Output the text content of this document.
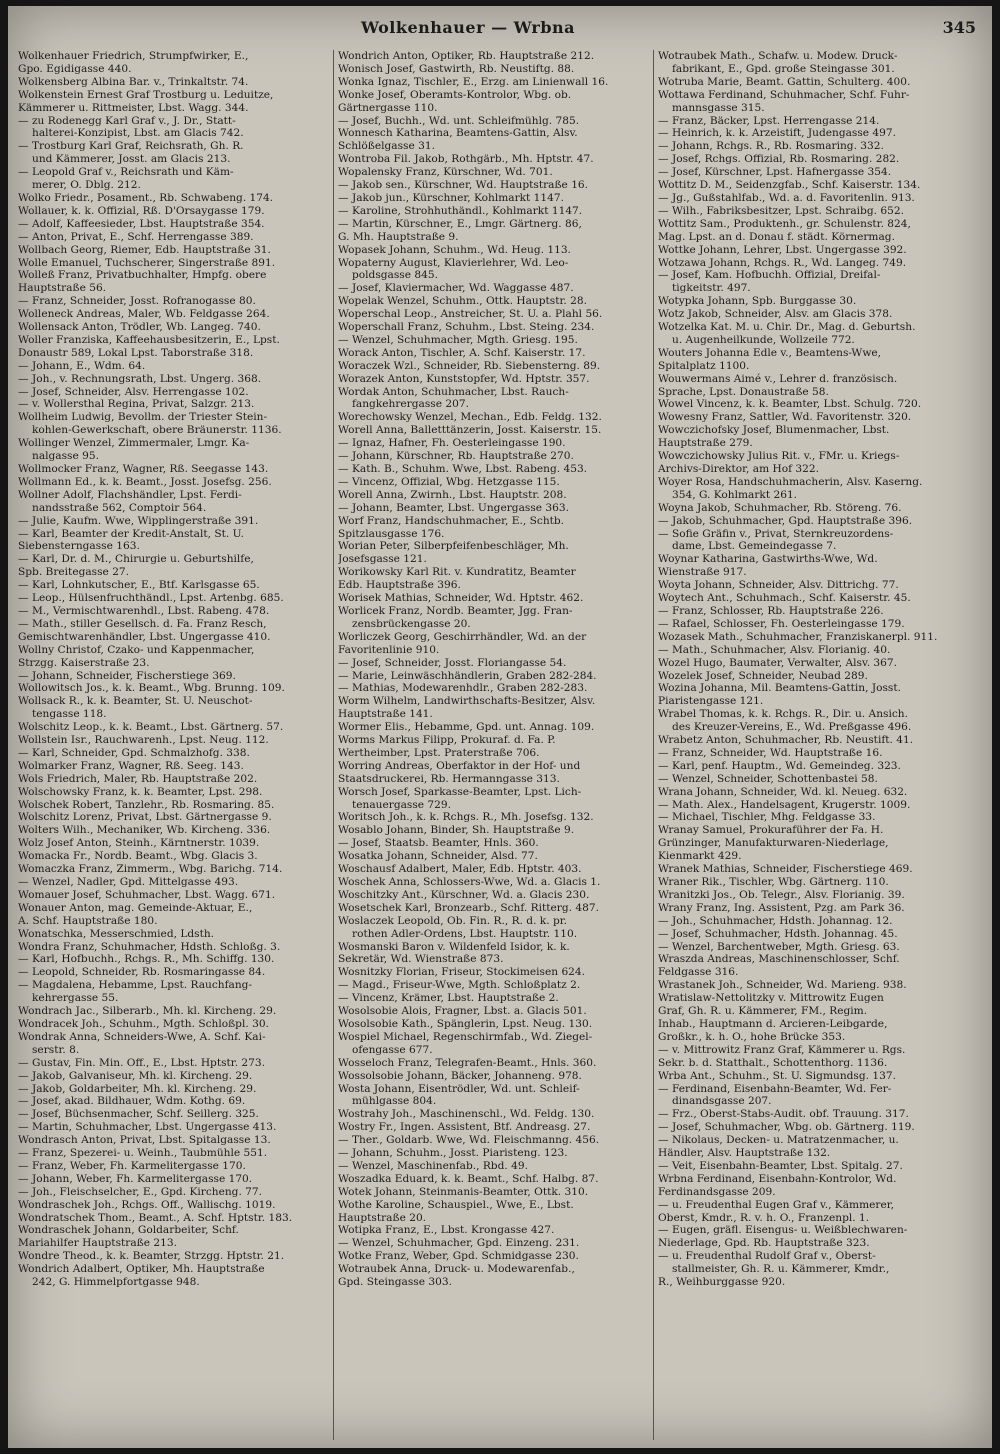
Wolkenhauer — Wrbna	345
Wolkenhauer Friedrich, Strumpfwirker, E.,
Gpo. Egidigasse 440.
Wolkensberg Albina Bar. v., Trinkaltstr. 74.
Wolkenstein Ernest Graf Trostburg u. Leduitze,
Kämmerer u. Rittmeister, Lbst. Wagg. 344.
— zu Rodenegg Karl Graf v., J. Dr., Statt-
halterei-Konzipist, Lbst. am Glacis 742.
— Trostburg Karl Graf, Reichsrath, Gh. R.
und Kämmerer, Josst. am Glacis 213.
— Leopold Graf v., Reichsrath und Käm-
merer, O. Dblg. 212.
Wolko Friedr., Posament., Rb. Schwabeng. 174.
Wollauer, k. k. Offizial, Rß. D'Orsaygasse 179.
— Adolf, Kaffeesieder, Lbst. Hauptstraße 354.
— Anton, Privat, E., Schf. Herrengasse 389.
Wollbach Georg, Riemer, Edb. Hauptstraße 31.
Wolle Emanuel, Tuchscherer, Singerstraße 891.
Wolleß Franz, Privatbuchhalter, Hmpfg. obere
Hauptstraße 56.
— Franz, Schneider, Josst. Rofranogasse 80.
Wolleneck Andreas, Maler, Wb. Feldgasse 264.
Wollensack Anton, Trödler, Wb. Langeg. 740.
Woller Franziska, Kaffeehausbesitzerin, E., Lpst.
Donaustr 589, Lokal Lpst. Taborstraße 318.
— Johann, E., Wdm. 64.
— Joh., v. Rechnungsrath, Lbst. Ungerg. 368.
— Josef, Schneider, Alsv. Herrengasse 102.
— v. Wollersthal Regina, Privat, Salzgr. 213.
Wollheim Ludwig, Bevollm. der Triester Stein-
kohlen-Gewerkschaft, obere Bräunerstr. 1136.
Wollinger Wenzel, Zimmermaler, Lmgr. Ka-
nalgasse 95.
Wollmocker Franz, Wagner, Rß. Seegasse 143.
Wollmann Ed., k. k. Beamt., Josst. Josefsg. 256.
Wollner Adolf, Flachshändler, Lpst. Ferdi-
nandsstraße 562, Comptoir 564.
— Julie, Kaufm. Wwe, Wipplingerstraße 391.
— Karl, Beamter der Kredit-Anstalt, St. U.
Siebensterngasse 163.
— Karl, Dr. d. M., Chirurgie u. Geburtshilfe,
Spb. Breitegasse 27.
— Karl, Lohnkutscher, E., Btf. Karlsgasse 65.
— Leop., Hülsenfruchthändl., Lpst. Artenbg. 685.
— M., Vermischtwarenhdl., Lbst. Rabeng. 478.
— Math., stiller Gesellsch. d. Fa. Franz Resch,
Gemischtwarenhändler, Lbst. Ungergasse 410.
Wollny Christof, Czako- und Kappenmacher,
Strzgg. Kaiserstraße 23.
— Johann, Schneider, Fischerstiege 369.
Wollowitsch Jos., k. k. Beamt., Wbg. Brunng. 109.
Wollsack R., k. k. Beamter, St. U. Neuschot-
tengasse 118.
Wolschitz Leop., k. k. Beamt., Lbst. Gärtnerg. 57.
Wollstein Isr., Rauchwarenh., Lpst. Neug. 112.
— Karl, Schneider, Gpd. Schmalzhofg. 338.
Wolmarker Franz, Wagner, Rß. Seeg. 143.
Wols Friedrich, Maler, Rb. Hauptstraße 202.
Wolschowsky Franz, k. k. Beamter, Lpst. 298.
Wolschek Robert, Tanzlehr., Rb. Rosmaring. 85.
Wolschitz Lorenz, Privat, Lbst. Gärtnergasse 9.
Wolters Wilh., Mechaniker, Wb. Kircheng. 336.
Wolz Josef Anton, Steinh., Kärntnerstr. 1039.
Womacka Fr., Nordb. Beamt., Wbg. Glacis 3.
Womaczka Franz, Zimmerm., Wbg. Barichg. 714.
— Wenzel, Nadler, Gpd. Mittelgasse 493.
Womauer Josef, Schuhmacher, Lbst. Wagg. 671.
Wonauer Anton, mag. Gemeinde-Aktuar, E.,
A. Schf. Hauptstraße 180.
Wonatschka, Messerschmied, Ldsth.
Wondra Franz, Schuhmacher, Hdsth. Schloßg. 3.
— Karl, Hofbuchh., Rchgs. R., Mh. Schiffg. 130.
— Leopold, Schneider, Rb. Rosmaringasse 84.
— Magdalena, Hebamme, Lpst. Rauchfang-
kehrergasse 55.
Wondrach Jac., Silberarb., Mh. kl. Kircheng. 29.
Wondracek Joh., Schuhm., Mgth. Schloßpl. 30.
Wondrak Anna, Schneiders-Wwe, A. Schf. Kai-
serstr. 8.
— Gustav, Fin. Min. Off., E., Lbst. Hptstr. 273.
— Jakob, Galvaniseur, Mh. kl. Kircheng. 29.
— Jakob, Goldarbeiter, Mh. kl. Kircheng. 29.
— Josef, akad. Bildhauer, Wdm. Kothg. 69.
— Josef, Büchsenmacher, Schf. Seillerg. 325.
— Martin, Schuhmacher, Lbst. Ungergasse 413.
Wondrasch Anton, Privat, Lbst. Spitalgasse 13.
— Franz, Spezerei- u. Weinh., Taubmühle 551.
— Franz, Weber, Fh. Karmelitergasse 170.
— Johann, Weber, Fh. Karmelitergasse 170.
— Joh., Fleischselcher, E., Gpd. Kircheng. 77.
Wondraschek Joh., Rchgs. Off., Wallischg. 1019.
Wondratschek Thom., Beamt., A. Schf. Hptstr. 183.
Wondraschek Johann, Goldarbeiter, Schf.
Mariahilfer Hauptstraße 213.
Wondre Theod., k. k. Beamter, Strzgg. Hptstr. 21.
Wondrich Adalbert, Optiker, Mh. Hauptstraße
242, G. Himmelpfortgasse 948.
Wondrich Anton, Optiker, Rb. Hauptstraße 212.
Wonisch Josef, Gastwirth, Rb. Neustiftg. 88.
Wonka Ignaz, Tischler, E., Erzg. am Linienwall 16.
Wonke Josef, Oberamts-Kontrolor, Wbg. ob.
Gärtnergasse 110.
— Josef, Buchh., Wd. unt. Schleifmühlg. 785.
Wonnesch Katharina, Beamtens-Gattin, Alsv.
Schlößelgasse 31.
Wontroba Fil. Jakob, Rothgärb., Mh. Hptstr. 47.
Wopalensky Franz, Kürschner, Wd. 701.
— Jakob sen., Kürschner, Wd. Hauptstraße 16.
— Jakob jun., Kürschner, Kohlmarkt 1147.
— Karoline, Strohhuthändl., Kohlmarkt 1147.
— Martin, Kürschner, E., Lmgr. Gärtnerg. 86,
G. Mh. Hauptstraße 9.
Wopasek Johann, Schuhm., Wd. Heug. 113.
Wopaterny August, Klavierlehrer, Wd. Leo-
poldsgasse 845.
— Josef, Klaviermacher, Wd. Waggasse 487.
Wopelak Wenzel, Schuhm., Ottk. Hauptstr. 28.
Woperschal Leop., Anstreicher, St. U. a. Plahl 56.
Woperschall Franz, Schuhm., Lbst. Steing. 234.
— Wenzel, Schuhmacher, Mgth. Griesg. 195.
Worack Anton, Tischler, A. Schf. Kaiserstr. 17.
Woraczek Wzl., Schneider, Rb. Siebensterng. 89.
Worazek Anton, Kunststopfer, Wd. Hptstr. 357.
Wordak Anton, Schuhmacher, Lbst. Rauch-
fangkehrergasse 207.
Worechowsky Wenzel, Mechan., Edb. Feldg. 132.
Worell Anna, Balletttänzerin, Josst. Kaiserstr. 15.
— Ignaz, Hafner, Fh. Oesterleingasse 190.
— Johann, Kürschner, Rb. Hauptstraße 270.
— Kath. B., Schuhm. Wwe, Lbst. Rabeng. 453.
— Vincenz, Offizial, Wbg. Hetzgasse 115.
Worell Anna, Zwirnh., Lbst. Hauptstr. 208.
— Johann, Beamter, Lbst. Ungergasse 363.
Worf Franz, Handschuhmacher, E., Schtb.
Spitzlausgasse 176.
Worian Peter, Silberpfeifenbeschläger, Mh.
Josefsgasse 121.
Worikowsky Karl Rit. v. Kundratitz, Beamter
Edb. Hauptstraße 396.
Worisek Mathias, Schneider, Wd. Hptstr. 462.
Worlicek Franz, Nordb. Beamter, Jgg. Fran-
zensbrückengasse 20.
Worliczek Georg, Geschirrhändler, Wd. an der
Favoritenlinie 910.
— Josef, Schneider, Josst. Floriangasse 54.
— Marie, Leinwäschhändlerin, Graben 282-284.
— Mathias, Modewarenhdlr., Graben 282-283.
Worm Wilhelm, Landwirthschafts-Besitzer, Alsv.
Hauptstraße 141.
Wormer Elis., Hebamme, Gpd. unt. Annag. 109.
Worms Markus Filipp, Prokuraf. d. Fa. P.
Wertheimber, Lpst. Praterstraße 706.
Worring Andreas, Oberfaktor in der Hof- und
Staatsdruckerei, Rb. Hermanngasse 313.
Worsch Josef, Sparkasse-Beamter, Lpst. Lich-
tenauergasse 729.
Woritsch Joh., k. k. Rchgs. R., Mh. Josefsg. 132.
Wosablo Johann, Binder, Sh. Hauptstraße 9.
— Josef, Staatsb. Beamter, Hnls. 360.
Wosatka Johann, Schneider, Alsd. 77.
Woschausf Adalbert, Maler, Edb. Hptstr. 403.
Woschek Anna, Schlossers-Wwe, Wd. a. Glacis 1.
Woschitzky Ant., Kürschner, Wd. a. Glacis 230.
Wosetschek Karl, Bronzearb., Schf. Ritterg. 487.
Woslaczek Leopold, Ob. Fin. R., R. d. k. pr.
rothen Adler-Ordens, Lbst. Hauptstr. 110.
Wosmanski Baron v. Wildenfeld Isidor, k. k.
Sekretär, Wd. Wienstraße 873.
Wosnitzky Florian, Friseur, Stockimeisen 624.
— Magd., Friseur-Wwe, Mgth. Schloßplatz 2.
— Vincenz, Krämer, Lbst. Hauptstraße 2.
Wosolsobie Alois, Fragner, Lbst. a. Glacis 501.
Wosolsobie Kath., Spänglerin, Lpst. Neug. 130.
Wospiel Michael, Regenschirmfab., Wd. Ziegel-
ofengasse 677.
Wosseloch Franz, Telegrafen-Beamt., Hnls. 360.
Wossolsobie Johann, Bäcker, Johanneng. 978.
Wosta Johann, Eisentrödler, Wd. unt. Schleif-
mühlgasse 804.
Wostrahy Joh., Maschinenschl., Wd. Feldg. 130.
Wostry Fr., Ingen. Assistent, Btf. Andreasg. 27.
— Ther., Goldarb. Wwe, Wd. Fleischmanng. 456.
— Johann, Schuhm., Josst. Piaristeng. 123.
— Wenzel, Maschinenfab., Rbd. 49.
Woszadka Eduard, k. k. Beamt., Schf. Halbg. 87.
Wotek Johann, Steinmanis-Beamter, Ottk. 310.
Wothe Karoline, Schauspiel., Wwe, E., Lbst.
Hauptstraße 20.
Wotipka Franz, E., Lbst. Krongasse 427.
— Wenzel, Schuhmacher, Gpd. Einzeng. 231.
Wotke Franz, Weber, Gpd. Schmidgasse 230.
Wotraubek Anna, Druck- u. Modewarenfab.,
Gpd. Steingasse 303.
Wotraubek Math., Schafw. u. Modew. Druck-
fabrikant, E., Gpd. große Steingasse 301.
Wotruba Marie, Beamt. Gattin, Schulterg. 400.
Wottawa Ferdinand, Schuhmacher, Schf. Fuhr-
mannsgasse 315.
— Franz, Bäcker, Lpst. Herrengasse 214.
— Heinrich, k. k. Arzeistift, Judengasse 497.
— Johann, Rchgs. R., Rb. Rosmaring. 332.
— Josef, Rchgs. Offizial, Rb. Rosmaring. 282.
— Josef, Kürschner, Lpst. Hafnergasse 354.
Wottitz D. M., Seidenzgfab., Schf. Kaiserstr. 134.
— Jg., Gußstahlfab., Wd. a. d. Favoritenlin. 913.
— Wilh., Fabriksbesitzer, Lpst. Schraibg. 652.
Wottitz Sam., Produktenh., gr. Schulenstr. 824,
Mag. Lpst. an d. Donau f. städt. Körnermag.
Wottke Johann, Lehrer, Lbst. Ungergasse 392.
Wotzawa Johann, Rchgs. R., Wd. Langeg. 749.
— Josef, Kam. Hofbuchh. Offizial, Dreifal-
tigkeitstr. 497.
Wotypka Johann, Spb. Burggasse 30.
Wotz Jakob, Schneider, Alsv. am Glacis 378.
Wotzelka Kat. M. u. Chir. Dr., Mag. d. Geburtsh.
u. Augenheilkunde, Wollzeile 772.
Wouters Johanna Edle v., Beamtens-Wwe,
Spitalplatz 1100.
Wouwermans Aimé v., Lehrer d. französisch.
Sprache, Lpst. Donaustraße 58.
Wowel Vincenz, k. k. Beamter, Lbst. Schulg. 720.
Wowesny Franz, Sattler, Wd. Favoritenstr. 320.
Wowczichofsky Josef, Blumenmacher, Lbst.
Hauptstraße 279.
Wowczichowsky Julius Rit. v., FMr. u. Kriegs-
Archivs-Direktor, am Hof 322.
Woyer Rosa, Handschuhmacherin, Alsv. Kaserng.
354, G. Kohlmarkt 261.
Woyna Jakob, Schuhmacher, Rb. Störeng. 76.
— Jakob, Schuhmacher, Gpd. Hauptstraße 396.
— Sofie Gräfin v., Privat, Sternkreuzordens-
dame, Lbst. Gemeindegasse 7.
Woynar Katharina, Gastwirths-Wwe, Wd.
Wienstraße 917.
Woyta Johann, Schneider, Alsv. Dittrichg. 77.
Woytech Ant., Schuhmach., Schf. Kaiserstr. 45.
— Franz, Schlosser, Rb. Hauptstraße 226.
— Rafael, Schlosser, Fh. Oesterleingasse 179.
Wozasek Math., Schuhmacher, Franziskanerpl. 911.
— Math., Schuhmacher, Alsv. Florianig. 40.
Wozel Hugo, Baumater, Verwalter, Alsv. 367.
Wozelek Josef, Schneider, Neubad 289.
Wozina Johanna, Mil. Beamtens-Gattin, Josst.
Piaristengasse 121.
Wrabel Thomas, k. k. Rchgs. R., Dir. u. Ansich.
des Kreuzer-Vereins, E., Wd. Preßgasse 496.
Wrabetz Anton, Schuhmacher, Rb. Neustift. 41.
— Franz, Schneider, Wd. Hauptstraße 16.
— Karl, penf. Hauptm., Wd. Gemeindeg. 323.
— Wenzel, Schneider, Schottenbastei 58.
Wrana Johann, Schneider, Wd. kl. Neueg. 632.
— Math. Alex., Handelsagent, Krugerstr. 1009.
— Michael, Tischler, Mhg. Feldgasse 33.
Wranay Samuel, Prokuraführer der Fa. H.
Grünzinger, Manufakturwaren-Niederlage,
Kienmarkt 429.
Wranek Mathias, Schneider, Fischerstiege 469.
Wraner Rik., Tischler, Wbg. Gärtnerg. 110.
Wranitzki Jos., Ob. Telegr., Alsv. Florianig. 39.
Wrany Franz, Ing. Assistent, Pzg. am Park 36.
— Joh., Schuhmacher, Hdsth. Johannag. 12.
— Josef, Schuhmacher, Hdsth. Johannag. 45.
— Wenzel, Barchentweber, Mgth. Griesg. 63.
Wraszda Andreas, Maschinenschlosser, Schf.
Feldgasse 316.
Wrastanek Joh., Schneider, Wd. Marieng. 938.
Wratislaw-Nettolitzky v. Mittrowitz Eugen
Graf, Gh. R. u. Kämmerer, FM., Regim.
Inhab., Hauptmann d. Arcieren-Leibgarde,
Großkr., k. h. O., hohe Brücke 353.
— v. Mittrowitz Franz Graf, Kämmerer u. Rgs.
Sekr. b. d. Statthalt., Schottenthorg. 1136.
Wrba Ant., Schuhm., St. U. Sigmundsg. 137.
— Ferdinand, Eisenbahn-Beamter, Wd. Fer-
dinandsgasse 207.
— Frz., Oberst-Stabs-Audit. obf. Trauung. 317.
— Josef, Schuhmacher, Wbg. ob. Gärtnerg. 119.
— Nikolaus, Decken- u. Matratzenmacher, u.
Händler, Alsv. Hauptstraße 132.
— Veit, Eisenbahn-Beamter, Lbst. Spitalg. 27.
Wrbna Ferdinand, Eisenbahn-Kontrolor, Wd.
Ferdinandsgasse 209.
— u. Freudenthal Eugen Graf v., Kämmerer,
Oberst, Kmdr., R. v. h. O., Franzenpl. 1.
— Eugen, gräfl. Eisengus- u. Weißblechwaren-
Niederlage, Gpd. Rb. Hauptstraße 323.
— u. Freudenthal Rudolf Graf v., Oberst-
stallmeister, Gh. R. u. Kämmerer, Kmdr.,
R., Weihburggasse 920.
